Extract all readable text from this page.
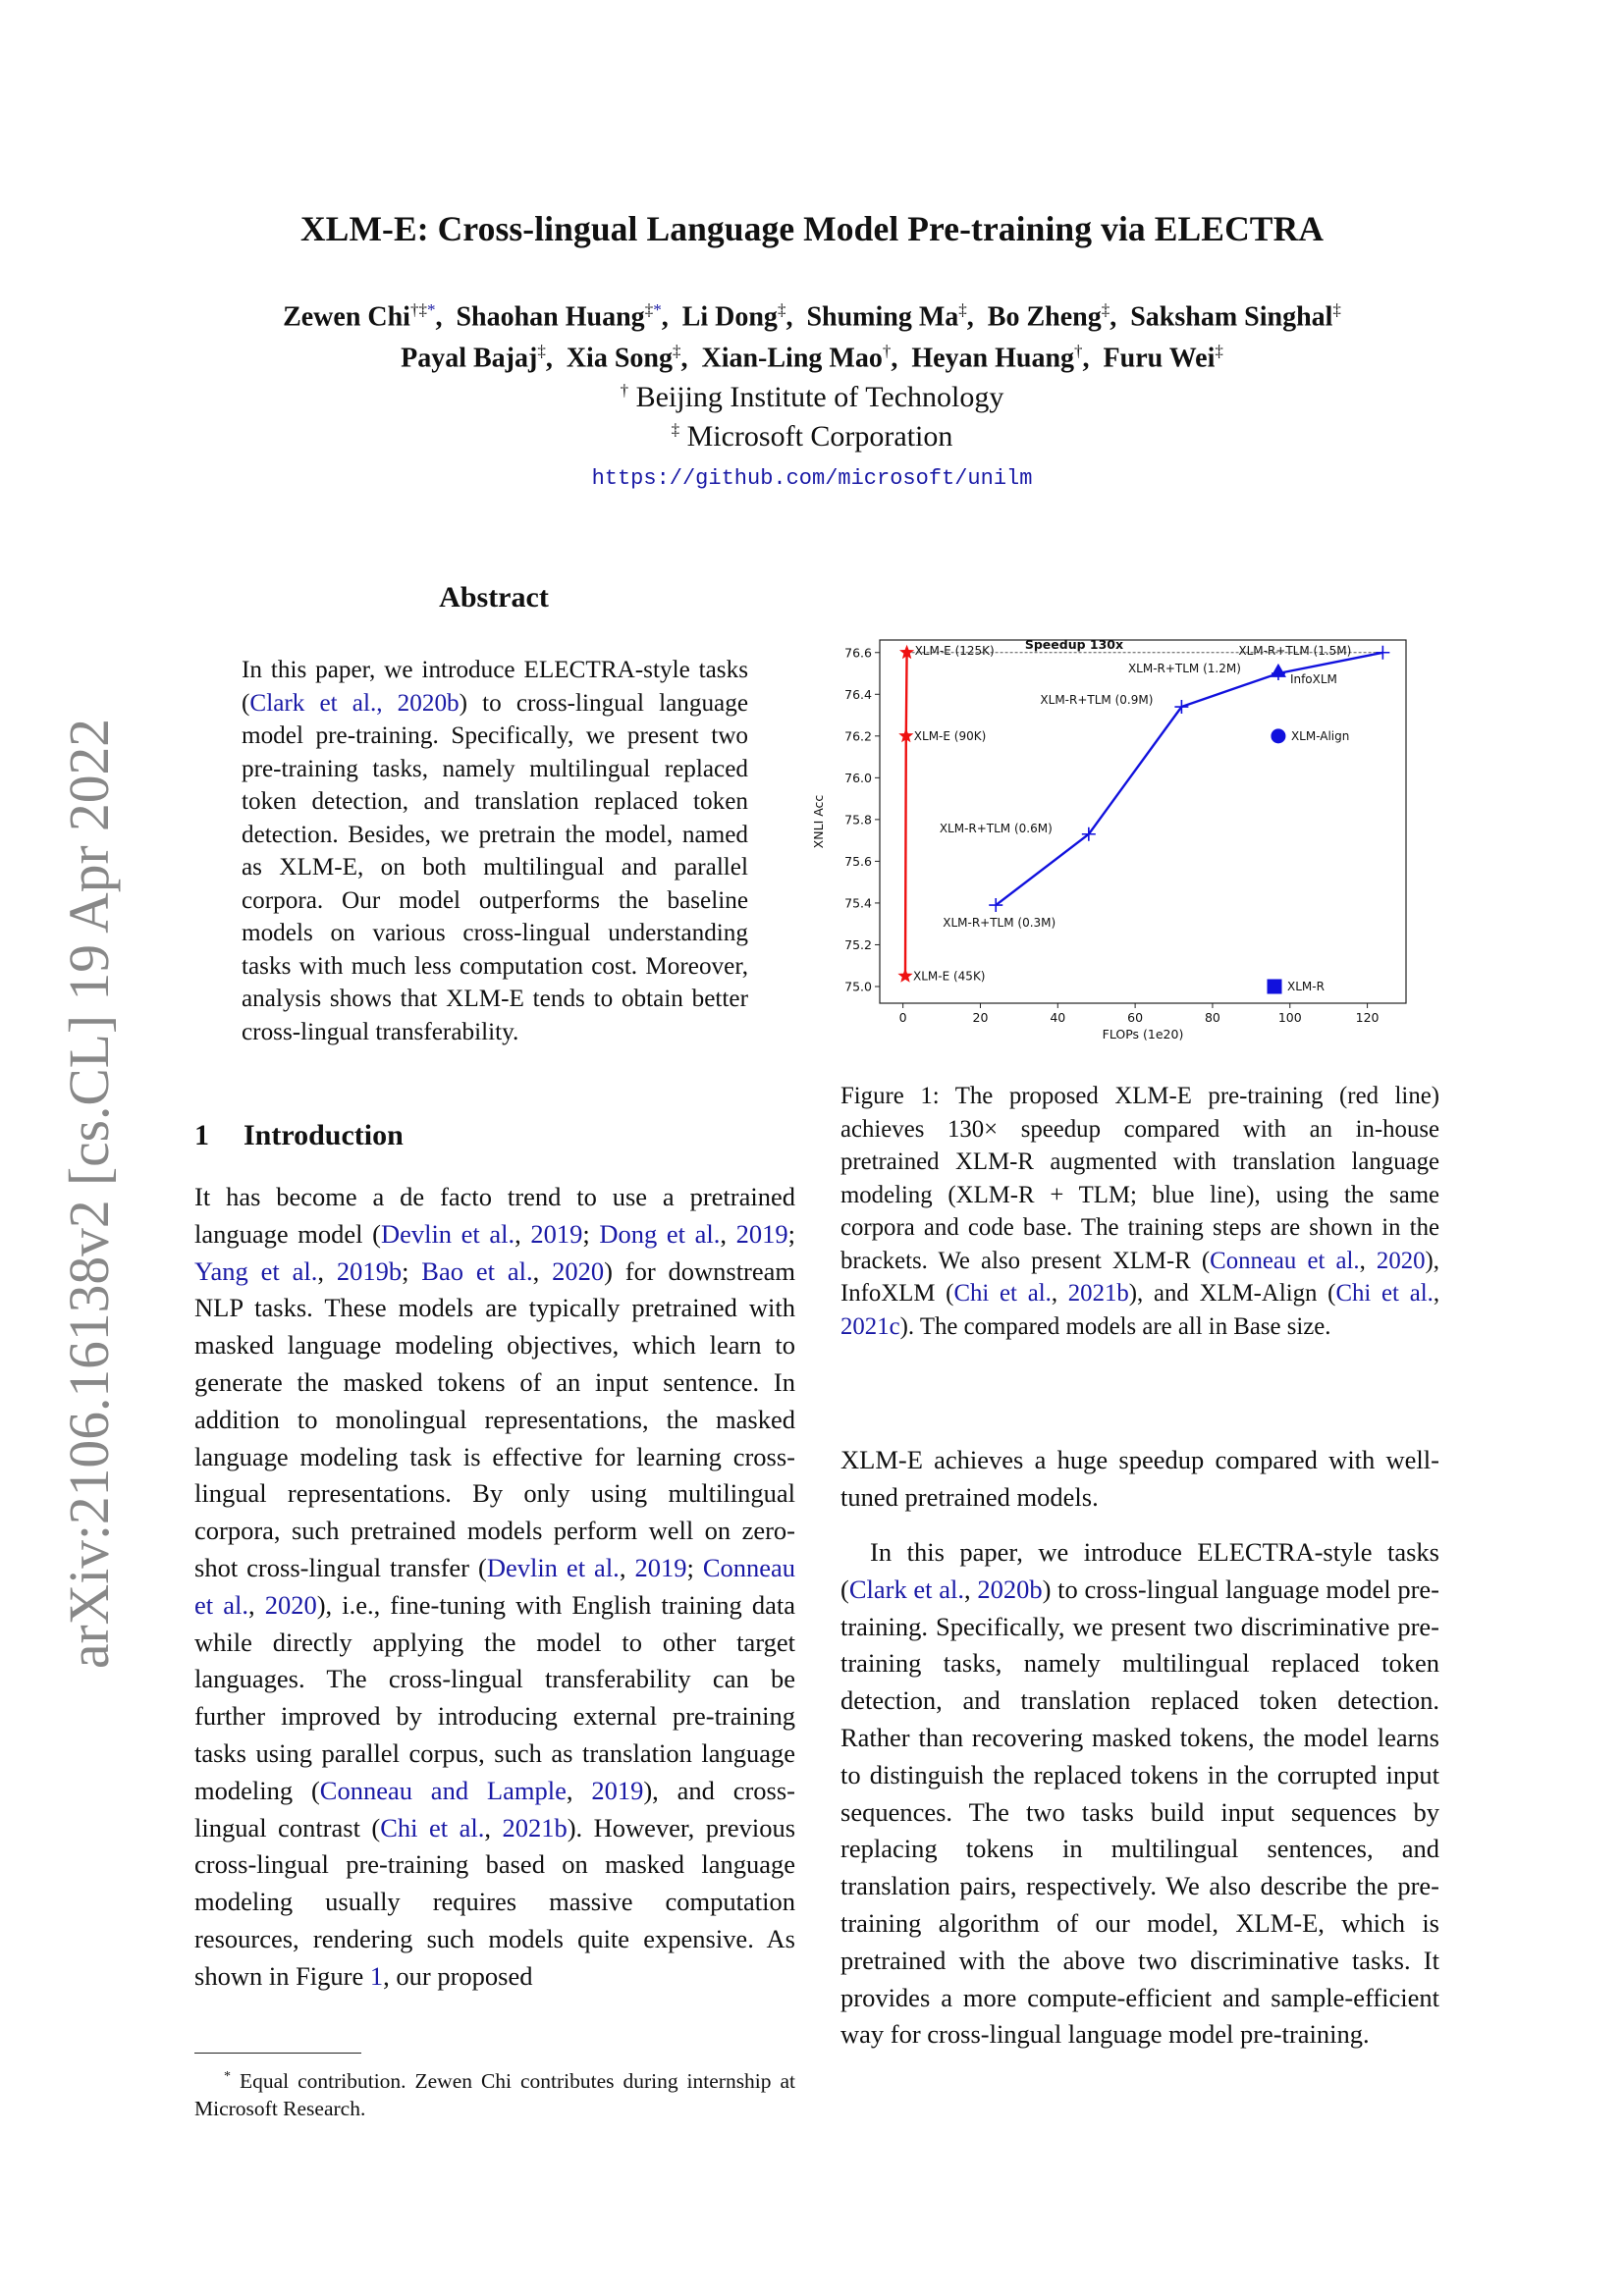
arXiv:2106.16138v2 [cs.CL] 19 Apr 2022
XLM-E: Cross-lingual Language Model Pre-training via ELECTRA
Zewen Chi†‡*,  Shaohan Huang‡*,  Li Dong‡,  Shuming Ma‡,  Bo Zheng‡,  Saksham Singhal‡
Payal Bajaj‡,  Xia Song‡,  Xian-Ling Mao†,  Heyan Huang†,  Furu Wei‡
† Beijing Institute of Technology
‡ Microsoft Corporation
https://github.com/microsoft/unilm
Abstract
In this paper, we introduce ELECTRA-style tasks (Clark et al., 2020b) to cross-lingual language model pre-training. Specifically, we present two pre-training tasks, namely multilingual replaced token detection, and translation replaced token detection. Besides, we pretrain the model, named as XLM-E, on both multilingual and parallel corpora. Our model outperforms the baseline models on various cross-lingual understanding tasks with much less computation cost. Moreover, analysis shows that XLM-E tends to obtain better cross-lingual transferability.
1 Introduction
It has become a de facto trend to use a pretrained language model (Devlin et al., 2019; Dong et al., 2019; Yang et al., 2019b; Bao et al., 2020) for downstream NLP tasks. These models are typically pretrained with masked language modeling objectives, which learn to generate the masked tokens of an input sentence. In addition to monolingual representations, the masked language modeling task is effective for learning cross-lingual representations. By only using multilingual corpora, such pretrained models perform well on zero-shot cross-lingual transfer (Devlin et al., 2019; Conneau et al., 2020), i.e., fine-tuning with English training data while directly applying the model to other target languages. The cross-lingual transferability can be further improved by introducing external pre-training tasks using parallel corpus, such as translation language modeling (Conneau and Lample, 2019), and cross-lingual contrast (Chi et al., 2021b). However, previous cross-lingual pre-training based on masked language modeling usually requires massive computation resources, rendering such models quite expensive. As shown in Figure 1, our proposed
* Equal contribution. Zewen Chi contributes during internship at Microsoft Research.
0	20	40	60	80	100	120
75.0
75.2
75.4
75.6
75.8
76.0
76.2
76.4
76.6
FLOPs (1e20)
XNLI Acc
Speedup 130x
XLM-E (45K)
XLM-E (90K)
XLM-E (125K)
XLM-R+TLM (0.3M)
XLM-R+TLM (0.6M)
XLM-R+TLM (0.9M)
XLM-R+TLM (1.2M)
XLM-R+TLM (1.5M)
InfoXLM
XLM-Align
XLM-R
Figure 1: The proposed XLM-E pre-training (red line) achieves 130× speedup compared with an in-house pretrained XLM-R augmented with translation language modeling (XLM-R + TLM; blue line), using the same corpora and code base. The training steps are shown in the brackets. We also present XLM-R (Conneau et al., 2020), InfoXLM (Chi et al., 2021b), and XLM-Align (Chi et al., 2021c). The compared models are all in Base size.
XLM-E achieves a huge speedup compared with well-tuned pretrained models.
In this paper, we introduce ELECTRA-style tasks (Clark et al., 2020b) to cross-lingual language model pre-training. Specifically, we present two discriminative pre-training tasks, namely multilingual replaced token detection, and translation replaced token detection. Rather than recovering masked tokens, the model learns to distinguish the replaced tokens in the corrupted input sequences. The two tasks build input sequences by replacing tokens in multilingual sentences, and translation pairs, respectively. We also describe the pre-training algorithm of our model, XLM-E, which is pretrained with the above two discriminative tasks. It provides a more compute-efficient and sample-efficient way for cross-lingual language model pre-training.
